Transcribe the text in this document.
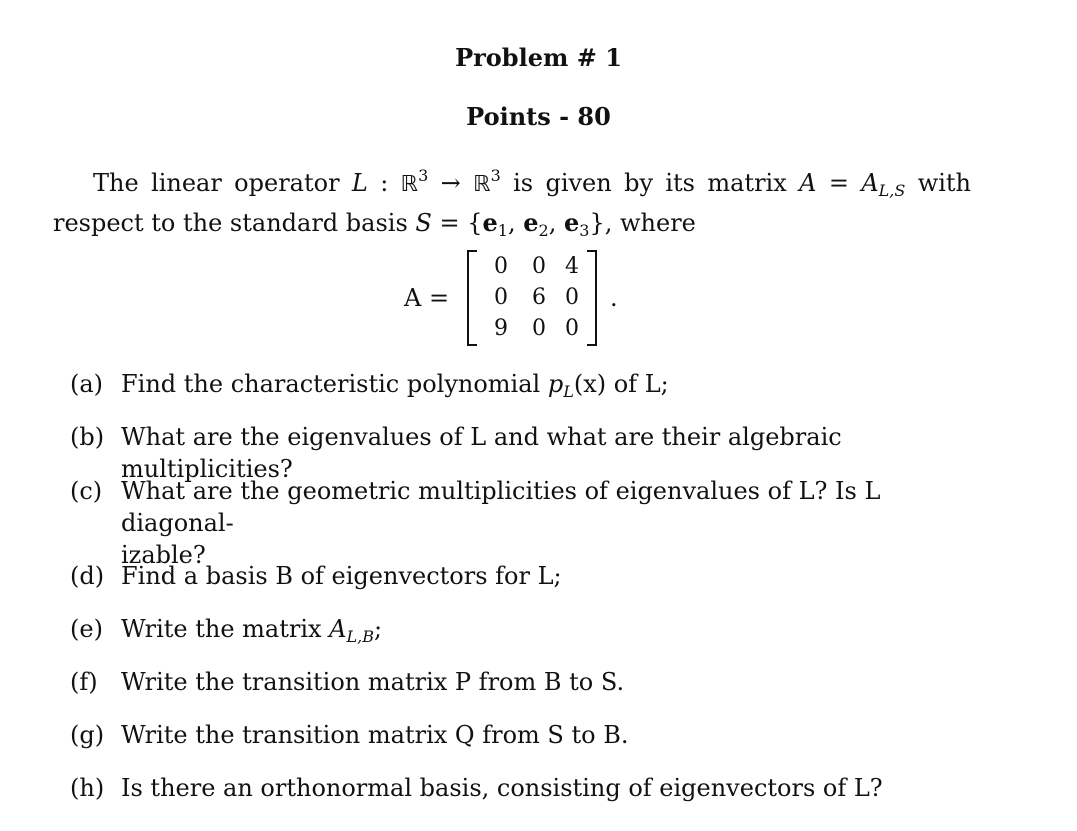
Problem # 1
Points - 80
The linear operator L : ℝ$^3$ → ℝ$^3$ is given by its matrix $A = A_{L,S}$ with
respect to the standard basis $S = \{e_1$, $e_2$, $e_3$}, where
A =
0	0 4
0	6 0
9	0 0
.
(a) Find the characteristic polynomial $p_L(x)$ of L;
(b) What are the eigenvalues of L and what are their algebraic multiplicities?
(c) What are the geometric multiplicities of eigenvalues of L? Is L diagonal-
izable?
(d) Find a basis B of eigenvectors for L;
(e) Write the matrix $A_{L,B}$;
(f) Write the transition matrix P from B to S.
(g) Write the transition matrix Q from S to B.
(h) Is there an orthonormal basis, consisting of eigenvectors of L?
